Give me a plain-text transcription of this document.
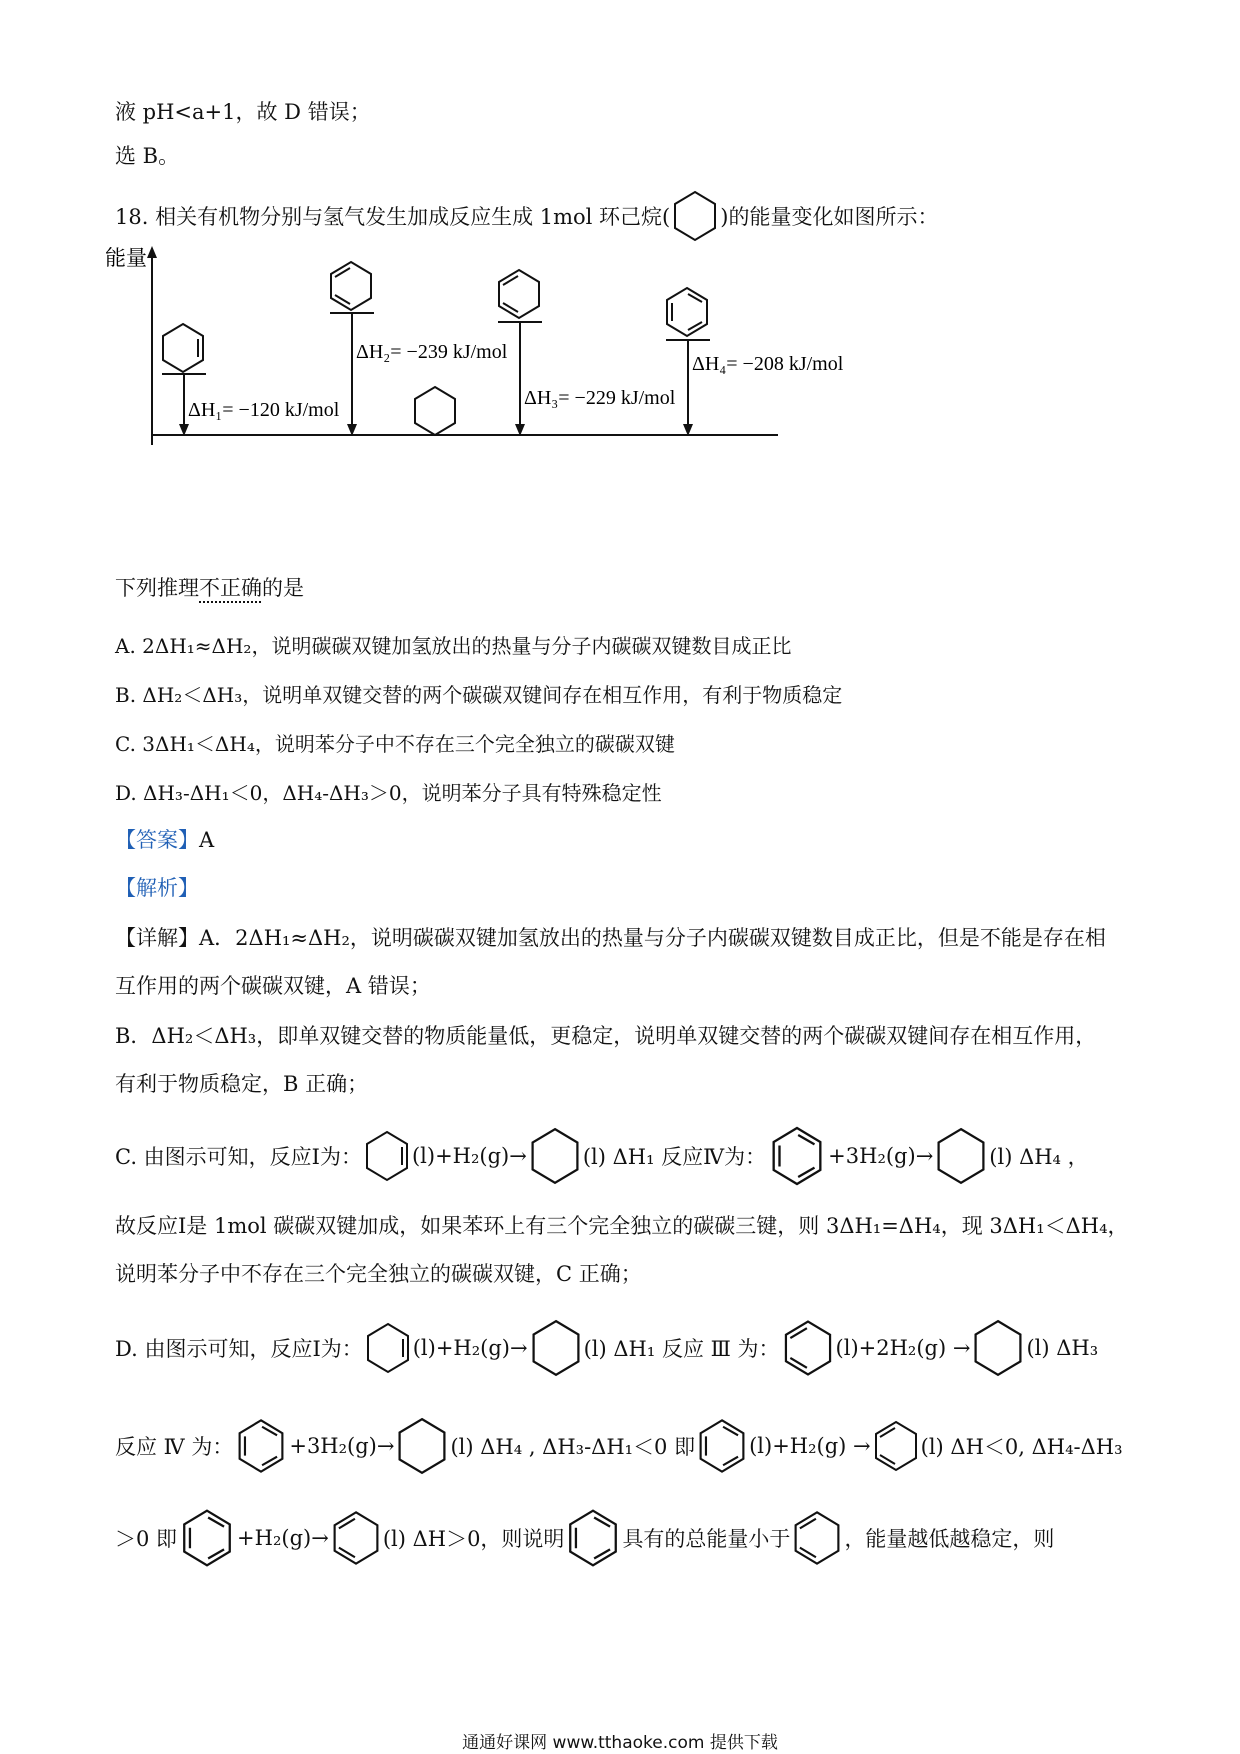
液 pH<a+1，故 D 错误；
选 B。
18. 相关有机物分别与氢气发生加成反应生成 1mol 环己烷( )的能量变化如图所示：
能量
ΔH₁= −120 kJ/mol
ΔH₂= −239 kJ/mol
ΔH₃= −229 kJ/mol
ΔH₄= −208 kJ/mol
下列推理不正确的是
A. 2ΔH₁≈ΔH₂，说明碳碳双键加氢放出的热量与分子内碳碳双键数目成正比
B. ΔH₂＜ΔH₃，说明单双键交替的两个碳碳双键间存在相互作用，有利于物质稳定
C. 3ΔH₁＜ΔH₄，说明苯分子中不存在三个完全独立的碳碳双键
D. ΔH₃-ΔH₁＜0，ΔH₄-ΔH₃＞0，说明苯分子具有特殊稳定性
【答案】A
【解析】
【详解】A．2ΔH₁≈ΔH₂，说明碳碳双键加氢放出的热量与分子内碳碳双键数目成正比，但是不能是存在相
互作用的两个碳碳双键，A 错误；
B．ΔH₂＜ΔH₃，即单双键交替的物质能量低，更稳定，说明单双键交替的两个碳碳双键间存在相互作用，
有利于物质稳定，B 正确；
C. 由图示可知，反应Ⅰ为： (l)+H₂(g)→	(l) ΔH₁ 反应Ⅳ为：	+3H₂(g)→	(l) ΔH₄ ，
故反应Ⅰ是 1mol 碳碳双键加成，如果苯环上有三个完全独立的碳碳三键，则 3ΔH₁=ΔH₄，现 3ΔH₁＜ΔH₄，
说明苯分子中不存在三个完全独立的碳碳双键，C 正确；
D. 由图示可知，反应Ⅰ为： (l)+H₂(g)→	(l) ΔH₁ 反应 Ⅲ 为：	(l)+2H₂(g) →	(l) ΔH₃
反应 Ⅳ 为：	+3H₂(g)→	(l) ΔH₄ , ΔH₃-ΔH₁＜0 即	(l)+H₂(g) → (l) ΔH＜0, ΔH₄-ΔH₃
＞0 即	+H₂(g)→	(l) ΔH＞0，则说明	具有的总能量小于	，能量越低越稳定，则
通通好课网 www.tthaoke.com 提供下载
